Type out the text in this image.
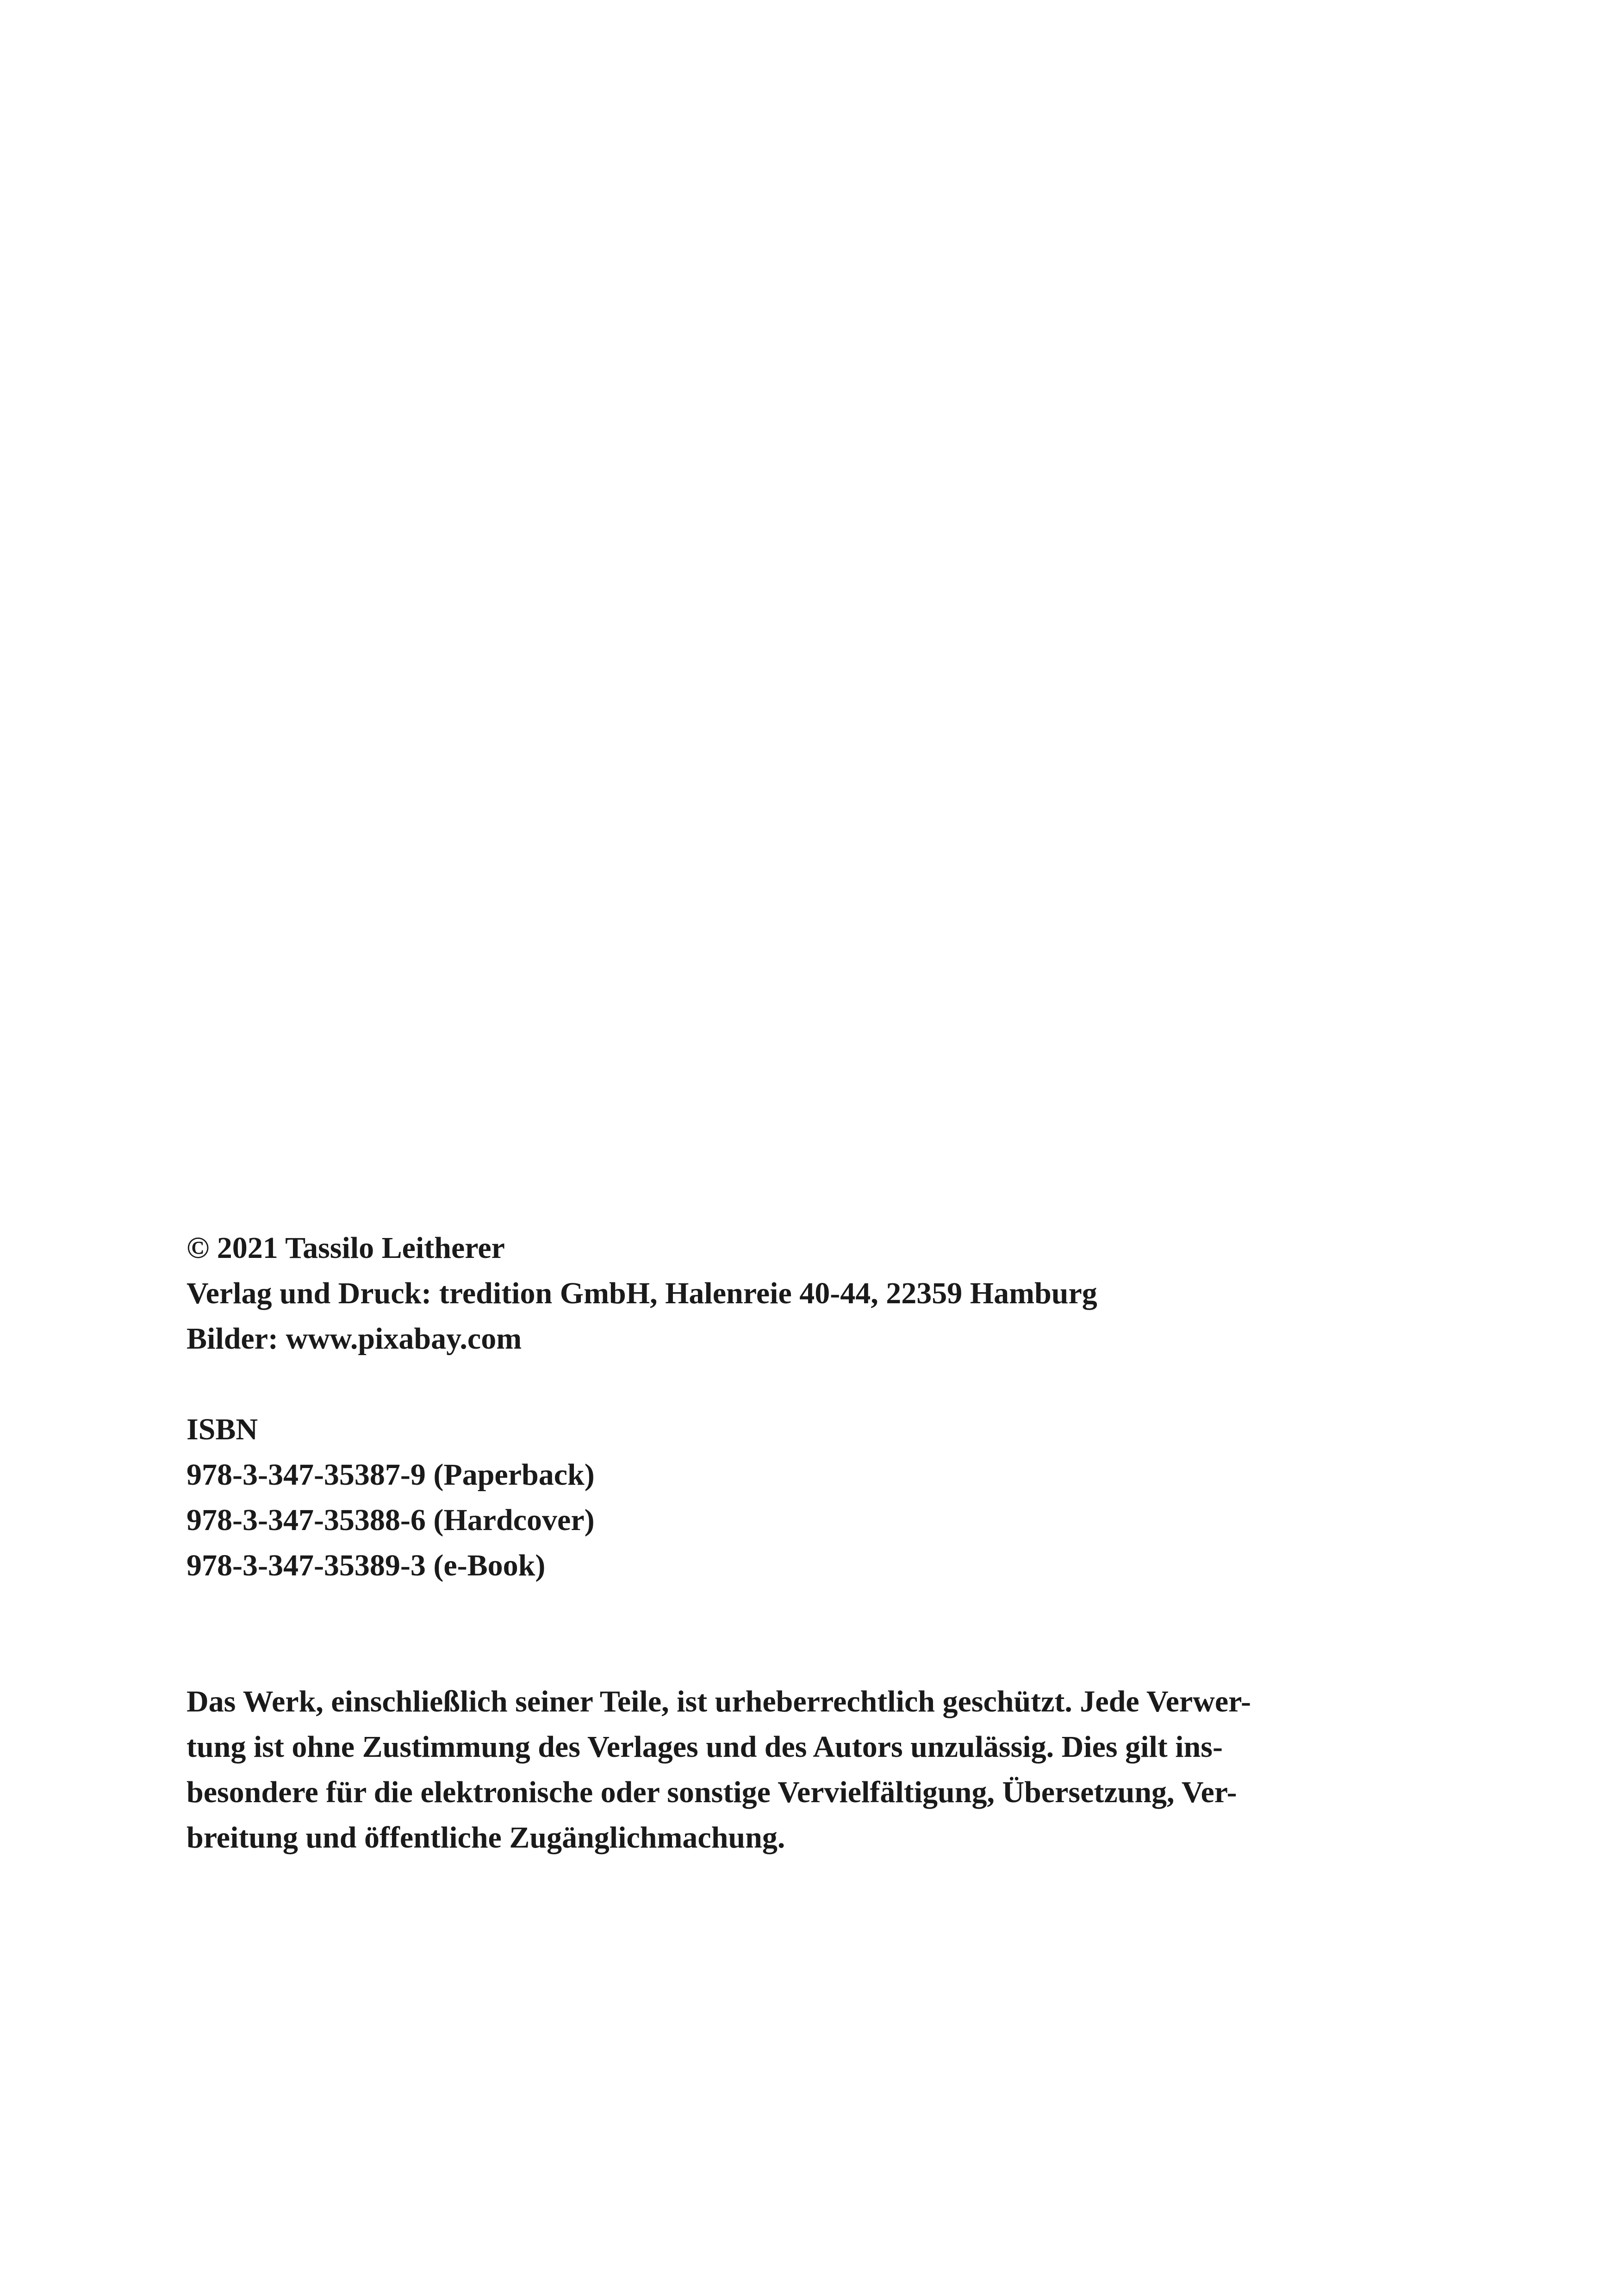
© 2021 Tassilo Leitherer

Verlag und Druck: tredition GmbH, Halenreie 40-44, 22359 Hamburg

Bilder: www.pixabay.com

ISBN

978-3-347-35387-9 (Paperback)

978-3-347-35388-6 (Hardcover)

978-3-347-35389-3 (e-Book)

Das Werk, einschließlich seiner Teile, ist urheberrechtlich geschützt. Jede Verwer-

tung ist ohne Zustimmung des Verlages und des Autors unzulässig. Dies gilt ins-

besondere für die elektronische oder sonstige Vervielfältigung, Übersetzung, Ver-

breitung und öffentliche Zugänglichmachung.
